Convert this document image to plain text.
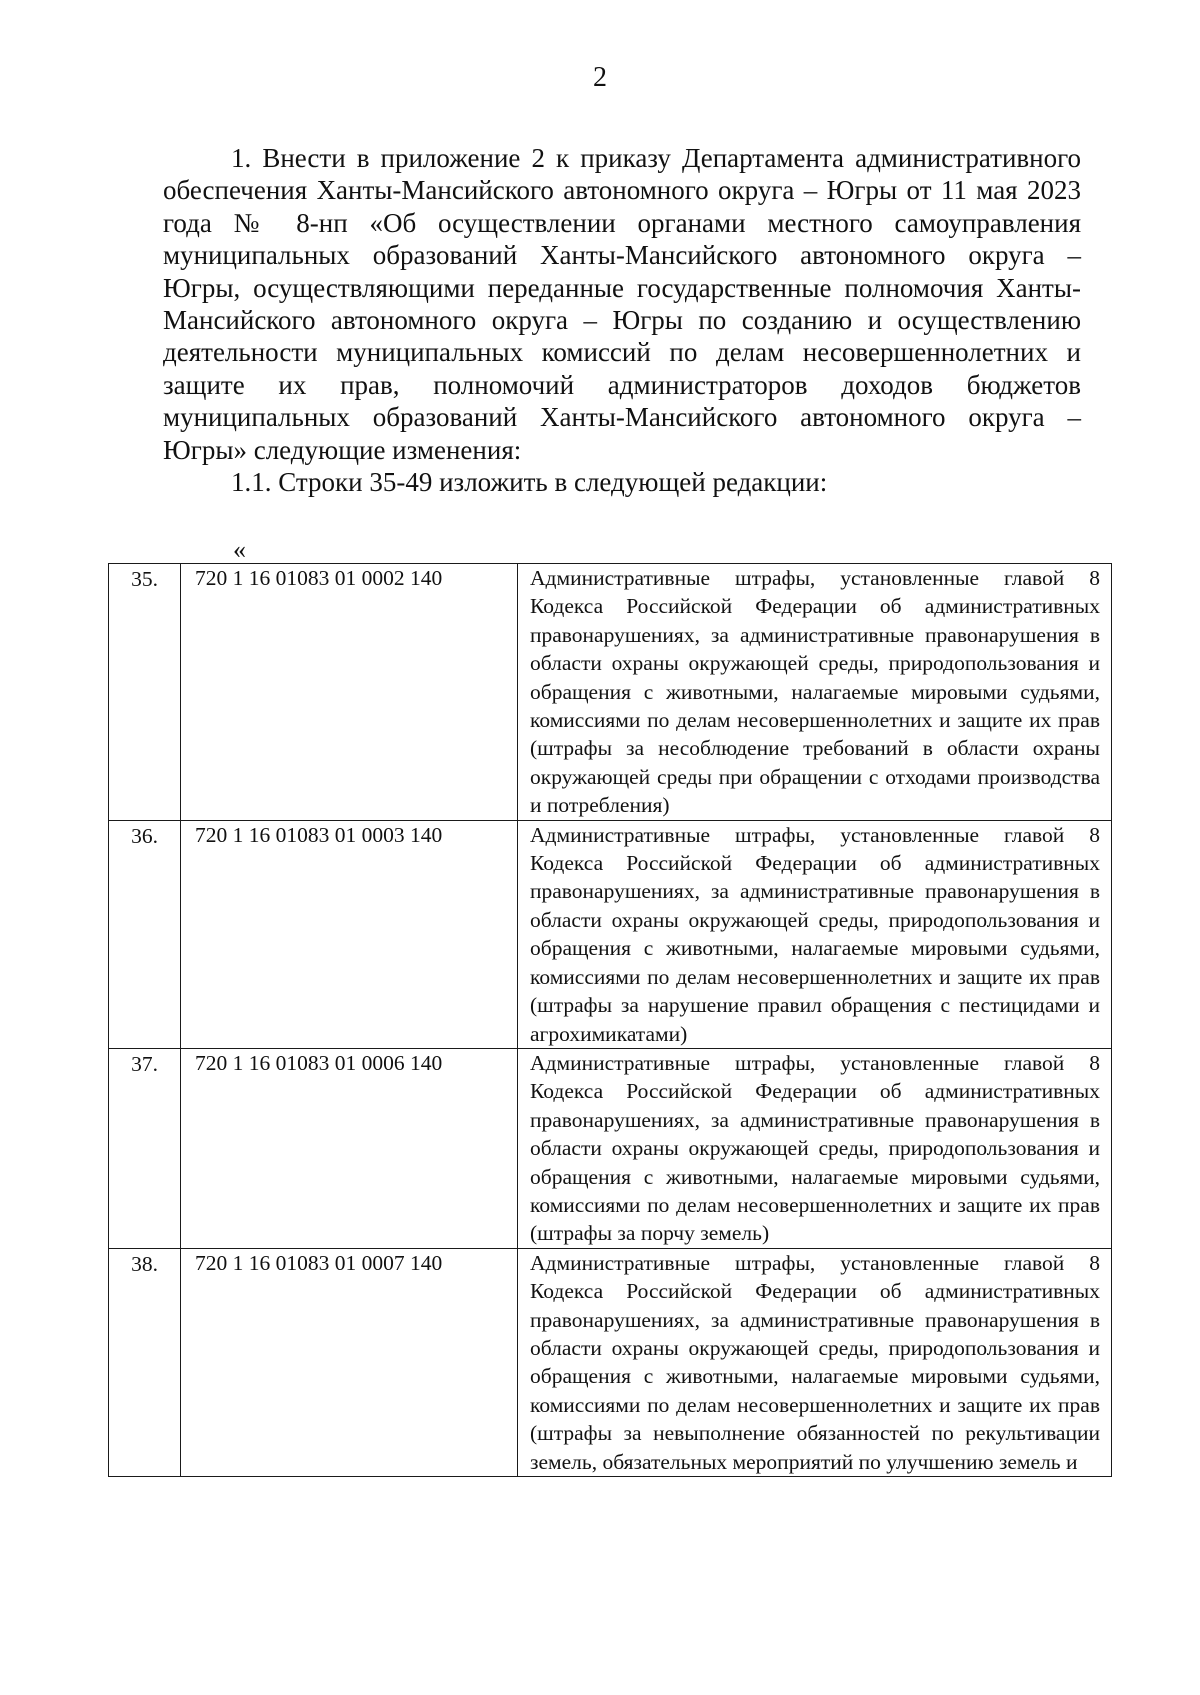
2

1. Внести в приложение 2 к приказу Департамента административного обеспечения Ханты-Мансийского автономного округа – Югры от 11 мая 2023 года № 8-нп «Об осуществлении органами местного самоуправления муниципальных образований Ханты-Мансийского автономного округа – Югры, осуществляющими переданные государственные полномочия Ханты-Мансийского автономного округа – Югры по созданию и осуществлению деятельности муниципальных комиссий по делам несовершеннолетних и защите их прав, полномочий администраторов доходов бюджетов муниципальных образований Ханты-Мансийского автономного округа – Югры» следующие изменения:

1.1. Строки 35-49 изложить в следующей редакции:

«
35.	720 1 16 01083 01 0002 140	Административные штрафы, установленные главой 8 Кодекса Российской Федерации об административных правонарушениях, за административные правонарушения в области охраны окружающей среды, природопользования и обращения с животными, налагаемые мировыми судьями, комиссиями по делам несовершеннолетних и защите их прав (штрафы за несоблюдение требований в области охраны окружающей среды при обращении с отходами производства и потребления)
36.	720 1 16 01083 01 0003 140	Административные штрафы, установленные главой 8 Кодекса Российской Федерации об административных правонарушениях, за административные правонарушения в области охраны окружающей среды, природопользования и обращения с животными, налагаемые мировыми судьями, комиссиями по делам несовершеннолетних и защите их прав (штрафы за нарушение правил обращения с пестицидами и агрохимикатами)
37.	720 1 16 01083 01 0006 140	Административные штрафы, установленные главой 8 Кодекса Российской Федерации об административных правонарушениях, за административные правонарушения в области охраны окружающей среды, природопользования и обращения с животными, налагаемые мировыми судьями, комиссиями по делам несовершеннолетних и защите их прав (штрафы за порчу земель)
38.	720 1 16 01083 01 0007 140	Административные штрафы, установленные главой 8 Кодекса Российской Федерации об административных правонарушениях, за административные правонарушения в области охраны окружающей среды, природопользования и обращения с животными, налагаемые мировыми судьями, комиссиями по делам несовершеннолетних и защите их прав (штрафы за невыполнение обязанностей по рекультивации земель, обязательных мероприятий по улучшению земель и
